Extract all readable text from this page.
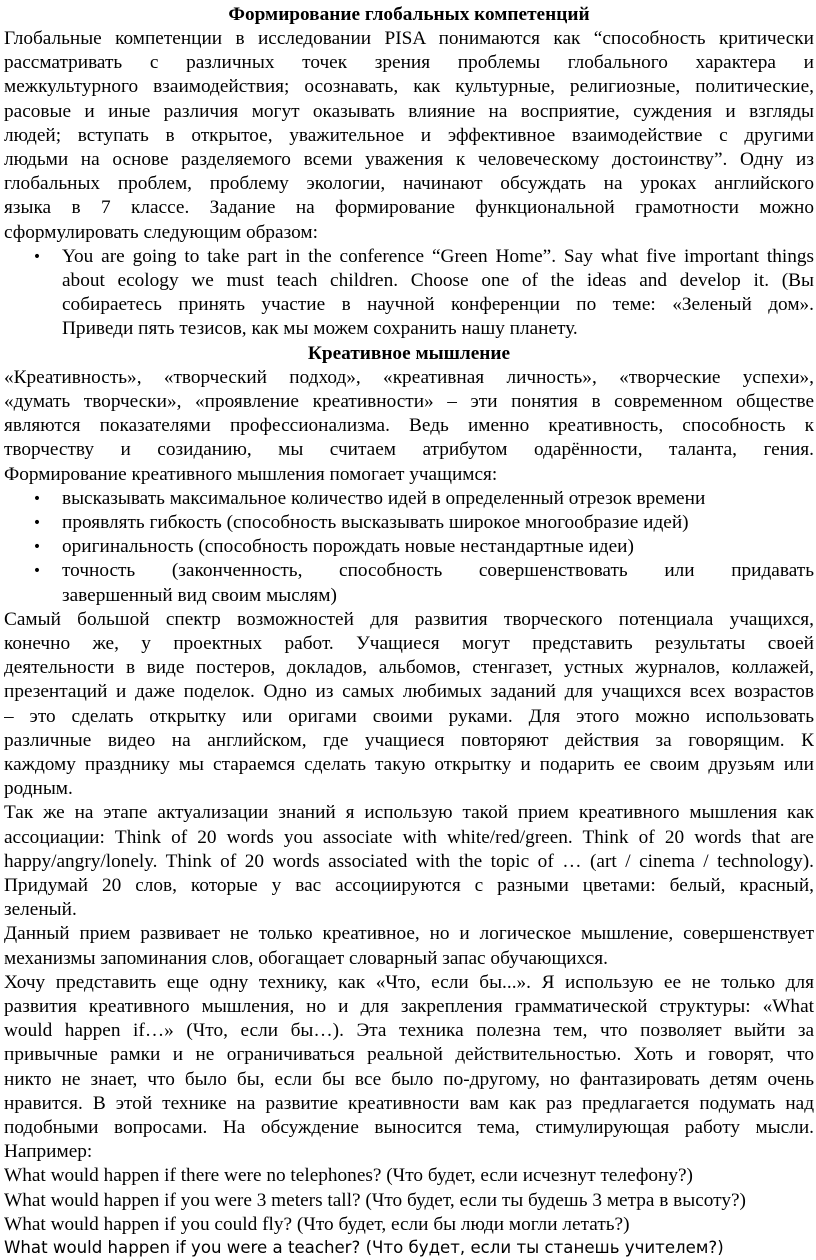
Формирование глобальных компетенций
Глобальные компетенции в исследовании PISA понимаются как “способность критически
рассматривать с различных точек зрения проблемы глобального характера и
межкультурного взаимодействия; осознавать, как культурные, религиозные, политические,
расовые и иные различия могут оказывать влияние на восприятие, суждения и взгляды
людей; вступать в открытое, уважительное и эффективное взаимодействие с другими
людьми на основе разделяемого всеми уважения к человеческому достоинству”. Одну из
глобальных проблем, проблему экологии, начинают обсуждать на уроках английского
языка в 7 классе. Задание на формирование функциональной грамотности можно
сформулировать следующим образом:
• You are going to take part in the conference “Green Home”. Say what five important things
about ecology we must teach children. Choose one of the ideas and develop it. (Вы
собираетесь принять участие в научной конференции по теме: «Зеленый дом».
Приведи пять тезисов, как мы можем сохранить нашу планету.
Креативное мышление
«Креативность», «творческий подход», «креативная личность», «творческие успехи»,
«думать творчески», «проявление креативности» – эти понятия в современном обществе
являются показателями профессионализма. Ведь именно креативность, способность к
творчеству и созиданию, мы считаем атрибутом одарённости, таланта, гения.
Формирование креативного мышления помогает учащимся:
• высказывать максимальное количество идей в определенный отрезок времени
• проявлять гибкость (способность высказывать широкое многообразие идей)
• оригинальность (способность порождать новые нестандартные идеи)
• точность (законченность, способность совершенствовать или придавать
завершенный вид своим мыслям)
Самый большой спектр возможностей для развития творческого потенциала учащихся,
конечно же, у проектных работ. Учащиеся могут представить результаты своей
деятельности в виде постеров, докладов, альбомов, стенгазет, устных журналов, коллажей,
презентаций и даже поделок. Одно из самых любимых заданий для учащихся всех возрастов
– это сделать открытку или оригами своими руками. Для этого можно использовать
различные видео на английском, где учащиеся повторяют действия за говорящим. К
каждому празднику мы стараемся сделать такую открытку и подарить ее своим друзьям или
родным.
Так же на этапе актуализации знаний я использую такой прием креативного мышления как
ассоциации: Think of 20 words you associate with white/red/green. Think of 20 words that are
happy/angry/lonely. Think of 20 words associated with the topic of … (art / cinema / technology).
Придумай 20 слов, которые у вас ассоциируются с разными цветами: белый, красный,
зеленый.
Данный прием развивает не только креативное, но и логическое мышление, совершенствует
механизмы запоминания слов, обогащает словарный запас обучающихся.
Хочу представить еще одну технику, как «Что, если бы...». Я использую ее не только для
развития креативного мышления, но и для закрепления грамматической структуры: «What
would happen if…» (Что, если бы…). Эта техника полезна тем, что позволяет выйти за
привычные рамки и не ограничиваться реальной действительностью. Хоть и говорят, что
никто не знает, что было бы, если бы все было по-другому, но фантазировать детям очень
нравится. В этой технике на развитие креативности вам как раз предлагается подумать над
подобными вопросами. На обсуждение выносится тема, стимулирующая работу мысли.
Например:
What would happen if there were no telephones? (Что будет, если исчезнут телефону?)
What would happen if you were 3 meters tall? (Что будет, если ты будешь 3 метра в высоту?)
What would happen if you could fly? (Что будет, если бы люди могли летать?)
What would happen if you were a teacher? (Что будет, если ты станешь учителем?)
